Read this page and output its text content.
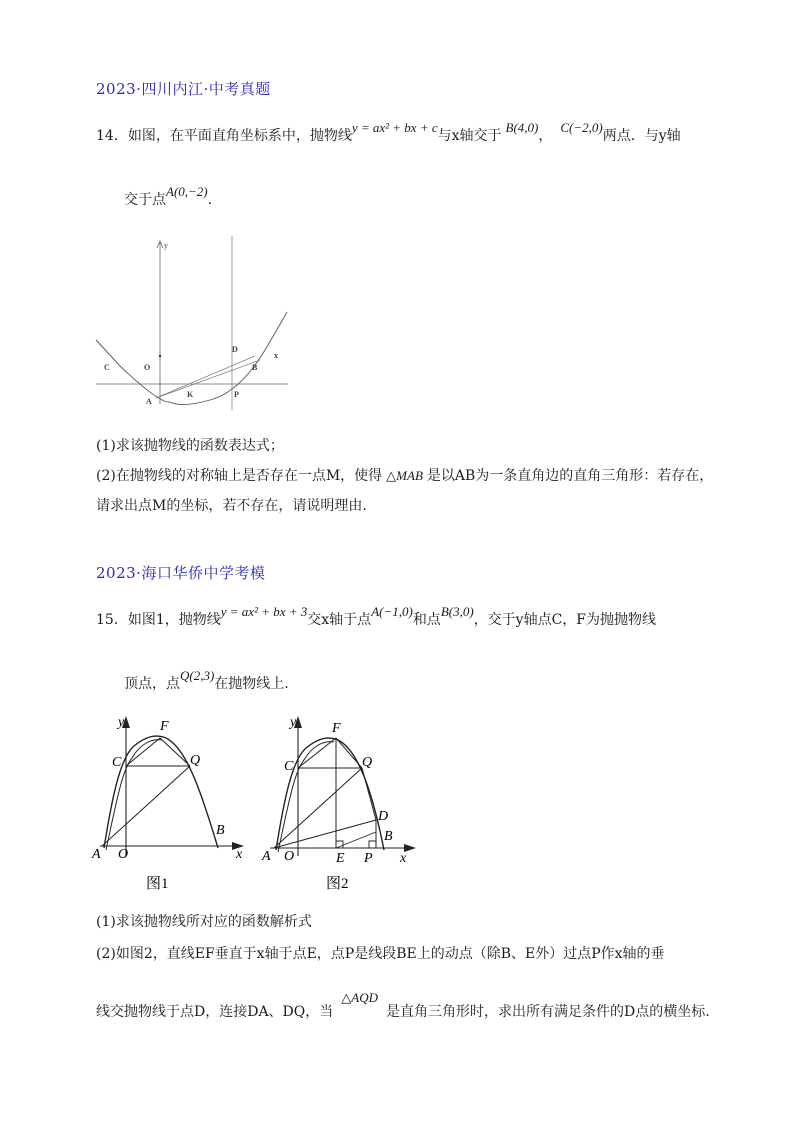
2023·四川内江·中考真题
14．如图，在平面直角坐标系中，抛物线y = ax² + bx + c与x轴交于B(4,0)，C(−2,0)两点．与y轴
交于点A(0,−2).
y
O
C
D
B
A
K	P
x
(1)求该抛物线的函数表达式；
(2)在抛物线的对称轴上是否存在一点M，使得 △MAB 是以AB为一条直角边的直角三角形：若存在，
请求出点M的坐标，若不存在，请说明理由.
2023·海口华侨中学考模
15．如图1，抛物线y = ax² + bx + 3交x轴于点A(−1,0)和点B(3,0)，交于y轴点C，F为抛抛物线
顶点，点Q(2,3)在抛物线上.
y	F
C	Q
B
A O	x
图1
y	F
C	Q
D
B
A O	E P x
图2
(1)求该抛物线所对应的函数解析式
(2)如图2，直线EF垂直于x轴于点E，点P是线段BE上的动点（除B、E外）过点P作x轴的垂
线交抛物线于点D，连接DA、DQ，当△AQD是直角三角形时，求出所有满足条件的D点的横坐标.
